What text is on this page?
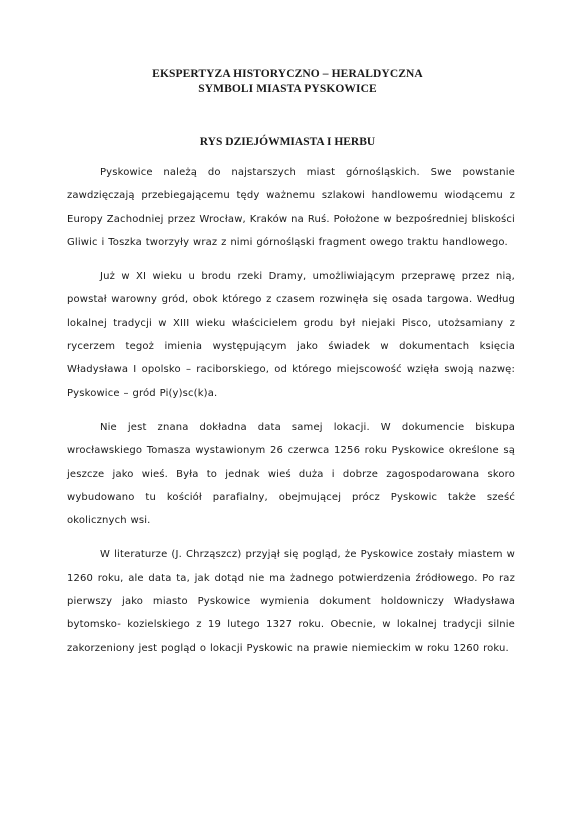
EKSPERTYZA HISTORYCZNO – HERALDYCZNA
SYMBOLI MIASTA PYSKOWICE
RYS DZIEJÓWMIASTA I HERBU

Pyskowice należą do najstarszych miast górnośląskich. Swe powstanie zawdzięczają przebiegającemu tędy ważnemu szlakowi handlowemu wiodącemu z Europy Zachodniej przez Wrocław, Kraków na Ruś. Położone w bezpośredniej bliskości Gliwic i Toszka tworzyły wraz z nimi górnośląski fragment owego traktu handlowego.

Już w XI wieku u brodu rzeki Dramy, umożliwiającym przeprawę przez nią, powstał warowny gród, obok którego z czasem rozwinęła się osada targowa. Według lokalnej tradycji w XIII wieku właścicielem grodu był niejaki Pisco, utożsamiany z rycerzem tegoż imienia występującym jako świadek w dokumentach księcia Władysława I opolsko – raciborskiego, od którego miejscowość wzięła swoją nazwę: Pyskowice – gród Pi(y)sc(k)a.

Nie jest znana dokładna data samej lokacji. W dokumencie biskupa wrocławskiego Tomasza wystawionym 26 czerwca 1256 roku Pyskowice określone są jeszcze jako wieś. Była to jednak wieś duża i dobrze zagospodarowana skoro wybudowano tu kościół parafialny, obejmującej prócz Pyskowic także sześć okolicznych wsi.

W literaturze (J. Chrząszcz) przyjął się pogląd, że Pyskowice zostały miastem w 1260 roku, ale data ta, jak dotąd nie ma żadnego potwierdzenia źródłowego. Po raz pierwszy jako miasto Pyskowice wymienia dokument holdowniczy Władysława bytomsko- kozielskiego z 19 lutego 1327 roku. Obecnie, w lokalnej tradycji silnie zakorzeniony jest pogląd o lokacji Pyskowic na prawie niemieckim w roku 1260 roku.
